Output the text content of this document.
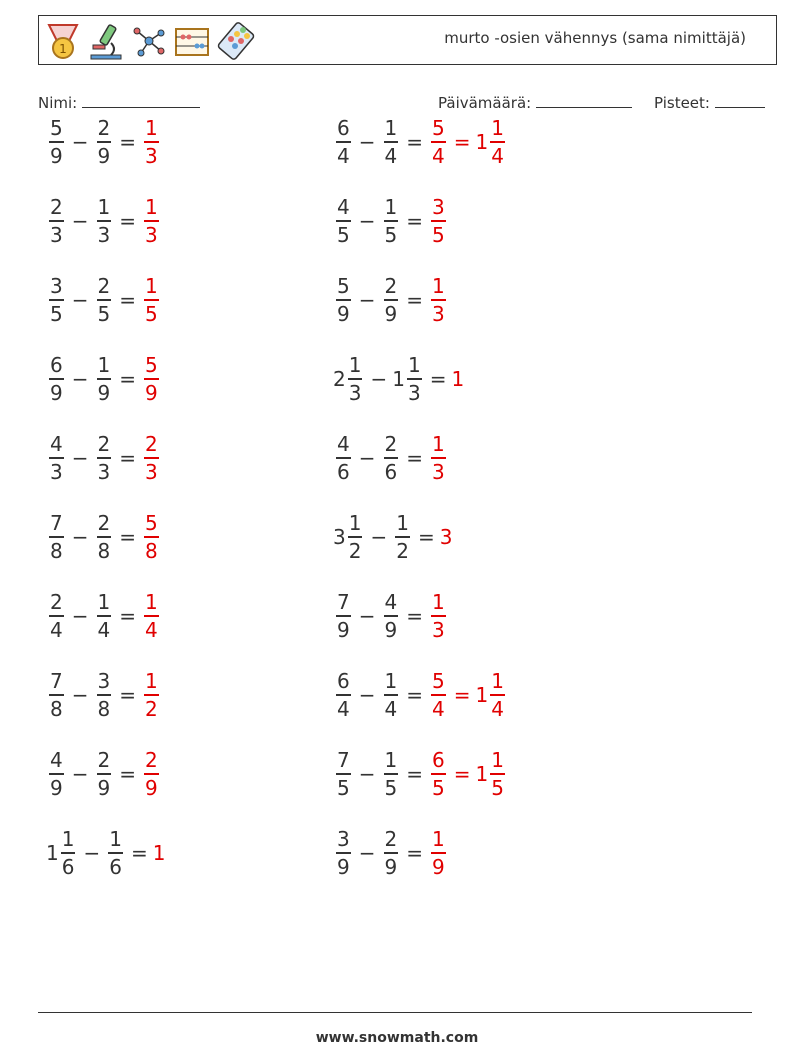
1
murto -osien vähennys (sama nimittäjä)
Nimi:	Päivämäärä:	Pisteet:
$\frac{5}{9} - \frac{2}{9} = \frac{1}{3}$
$\frac{2}{3} - \frac{1}{3} = \frac{1}{3}$
$\frac{3}{5} - \frac{2}{5} = \frac{1}{5}$
$\frac{6}{9} - \frac{1}{9} = \frac{5}{9}$
$\frac{4}{3} - \frac{2}{3} = \frac{2}{3}$
$\frac{7}{8} - \frac{2}{8} = \frac{5}{8}$
$\frac{2}{4} - \frac{1}{4} = \frac{1}{4}$
$\frac{7}{8} - \frac{3}{8} = \frac{1}{2}$
$\frac{4}{9} - \frac{2}{9} = \frac{2}{9}$
$1 \frac{1}{6} - \frac{1}{6} = 1$
$\frac{6}{4} - \frac{1}{4} = \frac{5}{4} = 1 \frac{1}{4}$
$\frac{4}{5} - \frac{1}{5} = \frac{3}{5}$
$\frac{5}{9} - \frac{2}{9} = \frac{1}{3}$
$2 \frac{1}{3} - 1 \frac{1}{3} = 1$
$\frac{4}{6} - \frac{2}{6} = \frac{1}{3}$
$3 \frac{1}{2} - \frac{1}{2} = 3$
$\frac{7}{9} - \frac{4}{9} = \frac{1}{3}$
$\frac{6}{4} - \frac{1}{4} = \frac{5}{4} = 1 \frac{1}{4}$
$\frac{7}{5} - \frac{1}{5} = \frac{6}{5} = 1 \frac{1}{5}$
$\frac{3}{9} - \frac{2}{9} = \frac{1}{9}$
www.snowmath.com
